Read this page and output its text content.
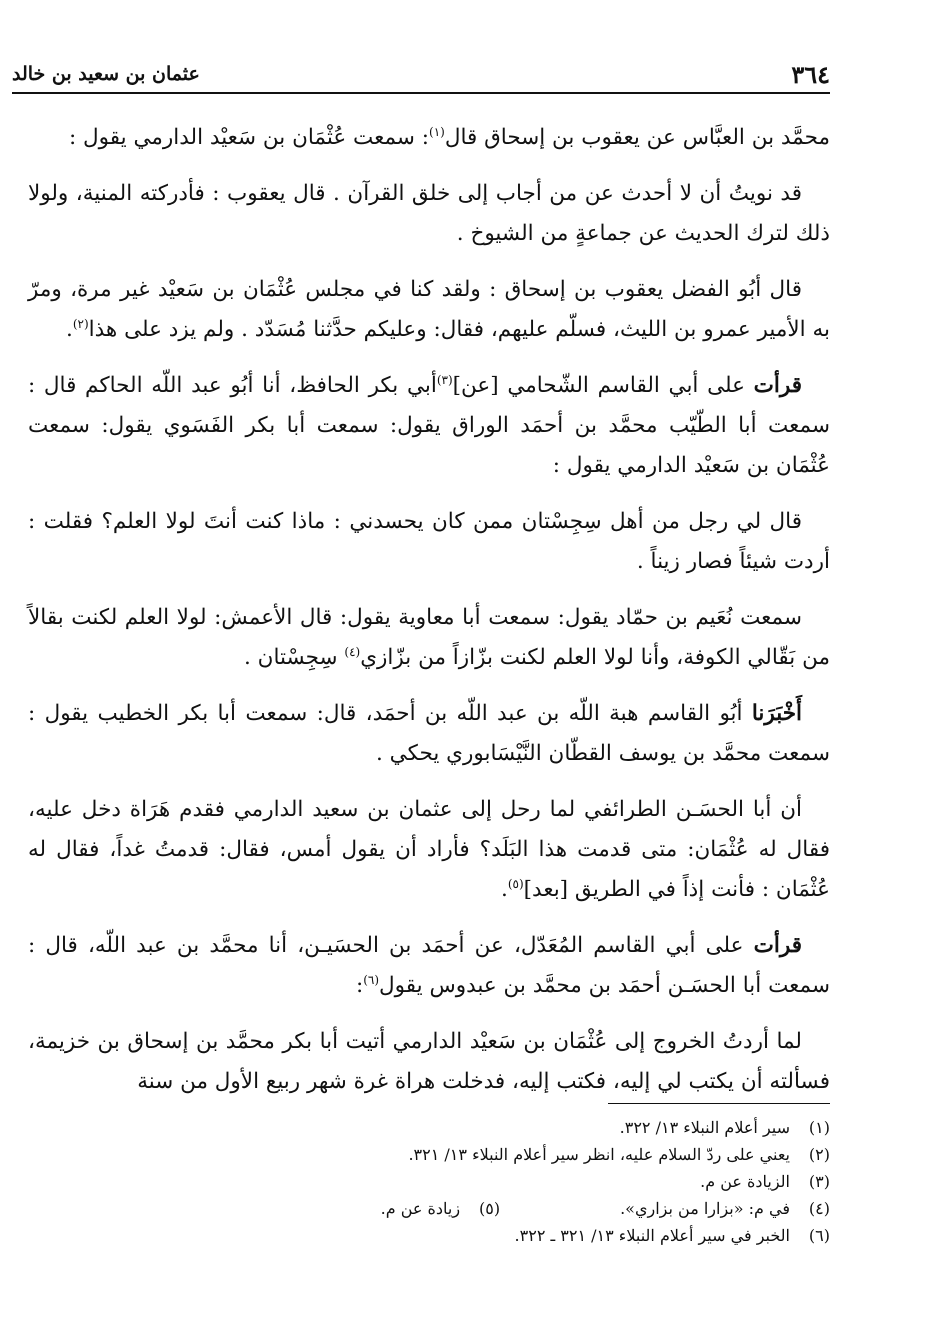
٣٦٤
عثمان بن سعيد بن خالد

محمَّد بن العبَّاس عن يعقوب بن إسحاق قال$^{(١)}$: سمعت عُثْمَان بن سَعيْد الدارمي يقول :

قد نويتُ أن لا أحدث عن من أجاب إلى خلق القرآن . قال يعقوب : فأدركته المنية، ولولا ذلك لترك الحديث عن جماعةٍ من الشيوخ .

قال أبُو الفضل يعقوب بن إسحاق : ولقد كنا في مجلس عُثْمَان بن سَعيْد غير مرة، ومرّ به الأمير عمرو بن الليث، فسلّم عليهم، فقال: وعليكم حدَّثنا مُسَدّد . ولم يزد على هذا$^{(٢)}$.

قرأت على أبي القاسم الشّحامي [عن]$^{(٣)}$أبي بكر الحافظ، أنا أبُو عبد اللّه الحاكم قال : سمعت أبا الطّيّب محمَّد بن أحمَد الوراق يقول: سمعت أبا بكر الفَسَوي يقول: سمعت عُثْمَان بن سَعيْد الدارمي يقول :

قال لي رجل من أهل سِجِسْتان ممن كان يحسدني : ماذا كنت أنتَ لولا العلم؟ فقلت : أردت شيئاً فصار زيناً .

سمعت نُعَيم بن حمّاد يقول: سمعت أبا معاوية يقول: قال الأعمش: لولا العلم لكنت بقالاً من بَقّالي الكوفة، وأنا لولا العلم لكنت بزّازاً من بزّازي$^{(٤)}$ سِجِسْتان .

أَخْبَرَنا أبُو القاسم هبة اللّه بن عبد اللّه بن أحمَد، قال: سمعت أبا بكر الخطيب يقول : سمعت محمَّد بن يوسف القطّان النَّيْسَابوري يحكي .

أن أبا الحسَـن الطرائفي لما رحل إلى عثمان بن سعيد الدارمي فقدم هَرَاة دخل عليه، فقال له عُثْمَان: متى قدمت هذا البَلَد؟ فأراد أن يقول أمس، فقال: قدمتُ غداً، فقال له عُثْمَان : فأنت إذاً في الطريق [بعد]$^{(٥)}$.

قرأت على أبي القاسم المُعَدّل، عن أحمَد بن الحسَيـن، أنا محمَّد بن عبد اللّه، قال : سمعت أبا الحسَـن أحمَد بن محمَّد بن عبدوس يقول$^{(٦)}$:

لما أردتُ الخروج إلى عُثْمَان بن سَعيْد الدارمي أتيت أبا بكر محمَّد بن إسحاق بن خزيمة، فسألته أن يكتب لي إليه، فكتب إليه، فدخلت هراة غرة شهر ربيع الأول من سنة

(١)
سير أعلام النبلاء ١٣/ ٣٢٢.
(٢)
يعني على ردّ السلام عليه، انظر سير أعلام النبلاء ١٣/ ٣٢١.
(٣)
الزيادة عن م.
(٤)
في م: «بزارا من بزاري».
(٥)
زيادة عن م.
(٦)
الخبر في سير أعلام النبلاء ١٣/ ٣٢١ ـ ٣٢٢.
